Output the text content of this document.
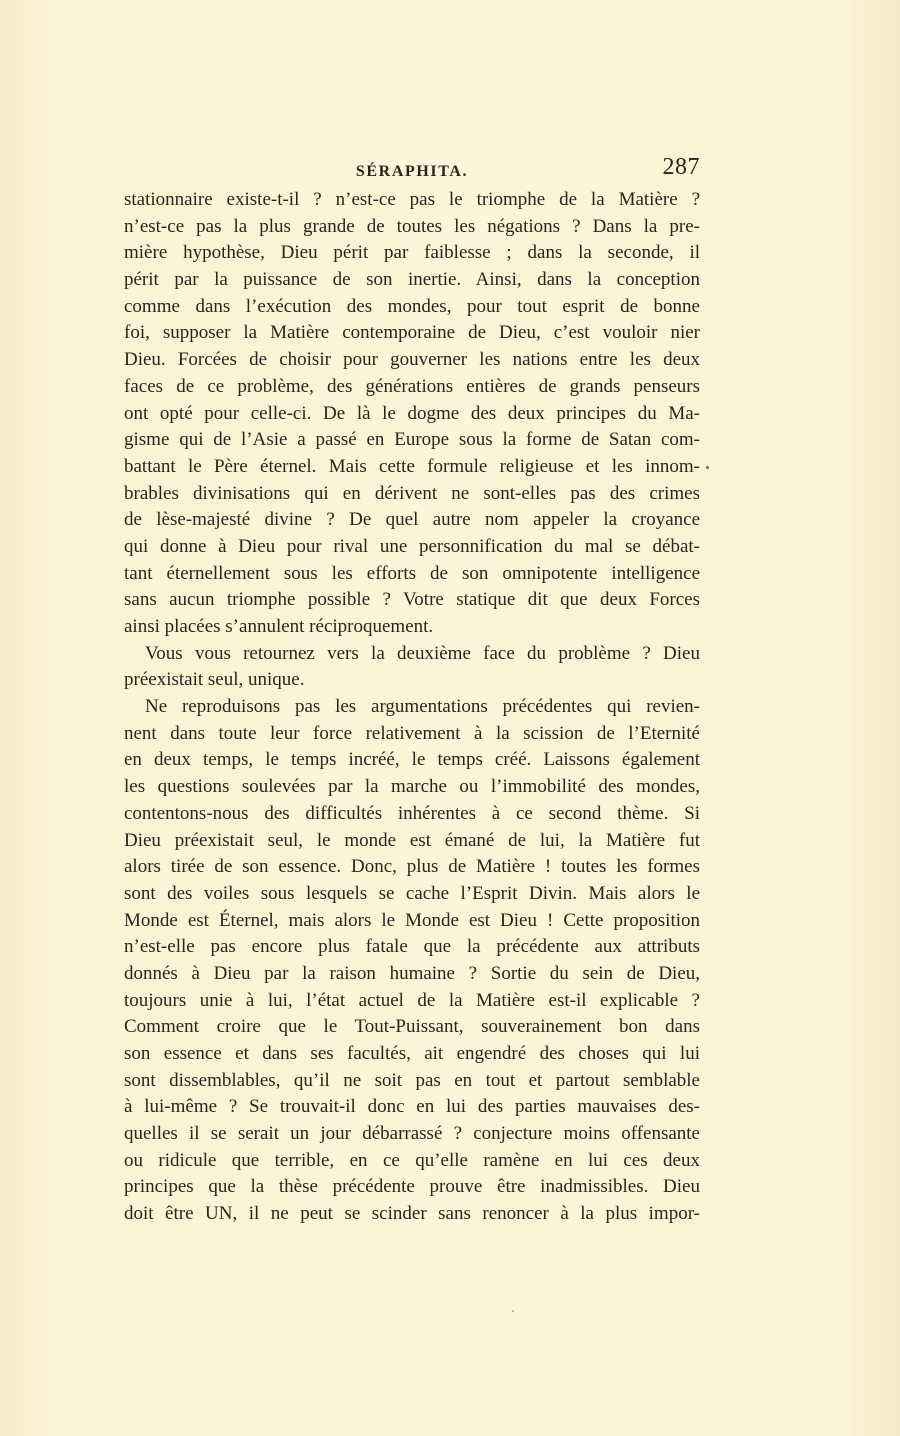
SÉRAPHITA.	287
stationnaire existe-t-il ? n’est-ce pas le triomphe de la Matière ?
n’est-ce pas la plus grande de toutes les négations ? Dans la pre-
mière hypothèse, Dieu périt par faiblesse ; dans la seconde, il
périt par la puissance de son inertie. Ainsi, dans la conception
comme dans l’exécution des mondes, pour tout esprit de bonne
foi, supposer la Matière contemporaine de Dieu, c’est vouloir nier
Dieu. Forcées de choisir pour gouverner les nations entre les deux
faces de ce problème, des générations entières de grands penseurs
ont opté pour celle-ci. De là le dogme des deux principes du Ma-
gisme qui de l’Asie a passé en Europe sous la forme de Satan com-
battant le Père éternel. Mais cette formule religieuse et les innom-
brables divinisations qui en dérivent ne sont-elles pas des crimes
de lèse-majesté divine ? De quel autre nom appeler la croyance
qui donne à Dieu pour rival une personnification du mal se débat-
tant éternellement sous les efforts de son omnipotente intelligence
sans aucun triomphe possible ? Votre statique dit que deux Forces
ainsi placées s’annulent réciproquement.
Vous vous retournez vers la deuxième face du problème ? Dieu
préexistait seul, unique.
Ne reproduisons pas les argumentations précédentes qui revien-
nent dans toute leur force relativement à la scission de l’Eternité
en deux temps, le temps incréé, le temps créé. Laissons également
les questions soulevées par la marche ou l’immobilité des mondes,
contentons-nous des difficultés inhérentes à ce second thème. Si
Dieu préexistait seul, le monde est émané de lui, la Matière fut
alors tirée de son essence. Donc, plus de Matière ! toutes les formes
sont des voiles sous lesquels se cache l’Esprit Divin. Mais alors le
Monde est Éternel, mais alors le Monde est Dieu ! Cette proposition
n’est-elle pas encore plus fatale que la précédente aux attributs
donnés à Dieu par la raison humaine ? Sortie du sein de Dieu,
toujours unie à lui, l’état actuel de la Matière est-il explicable ?
Comment croire que le Tout-Puissant, souverainement bon dans
son essence et dans ses facultés, ait engendré des choses qui lui
sont dissemblables, qu’il ne soit pas en tout et partout semblable
à lui-même ? Se trouvait-il donc en lui des parties mauvaises des-
quelles il se serait un jour débarrassé ? conjecture moins offensante
ou ridicule que terrible, en ce qu’elle ramène en lui ces deux
principes que la thèse précédente prouve être inadmissibles. Dieu
doit être UN, il ne peut se scinder sans renoncer à la plus impor-
